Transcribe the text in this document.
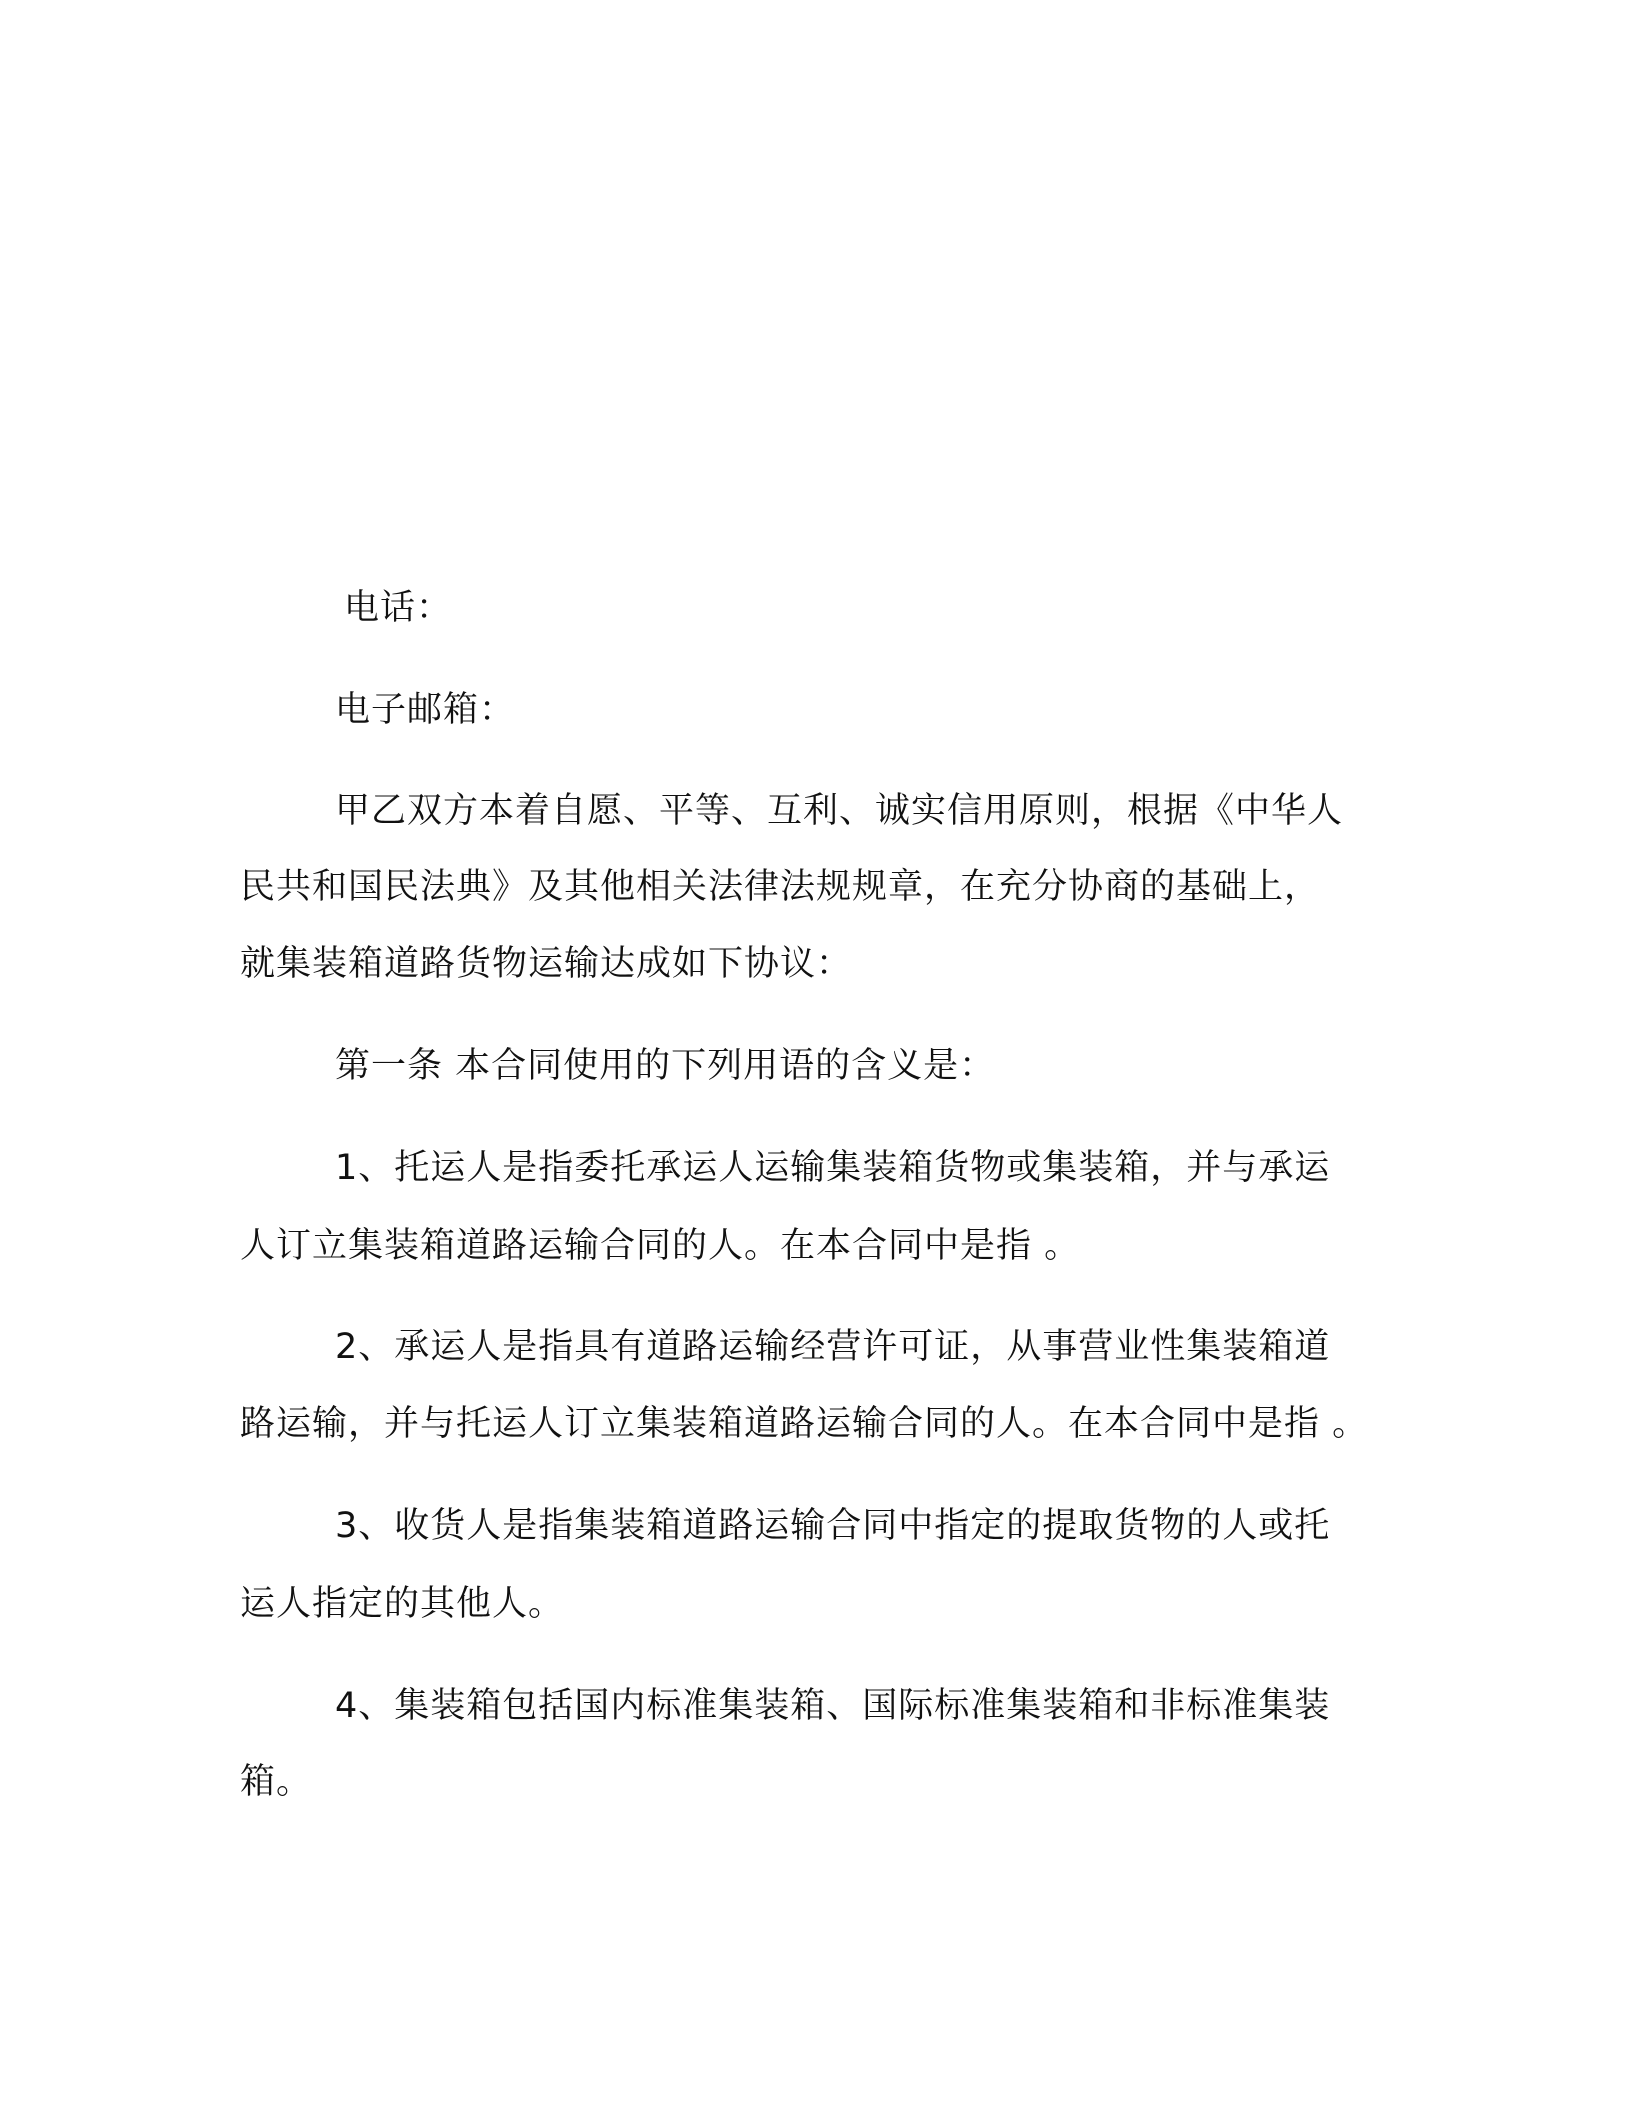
电话：
电子邮箱：
甲乙双方本着自愿、平等、互利、诚实信用原则，根据《中华人
民共和国民法典》及其他相关法律法规规章，在充分协商的基础上，
就集装箱道路货物运输达成如下协议：
第一条 本合同使用的下列用语的含义是：
1、托运人是指委托承运人运输集装箱货物或集装箱，并与承运
人订立集装箱道路运输合同的人。在本合同中是指 。
2、承运人是指具有道路运输经营许可证，从事营业性集装箱道
路运输，并与托运人订立集装箱道路运输合同的人。在本合同中是指 。
3、收货人是指集装箱道路运输合同中指定的提取货物的人或托
运人指定的其他人。
4、集装箱包括国内标准集装箱、国际标准集装箱和非标准集装
箱。
